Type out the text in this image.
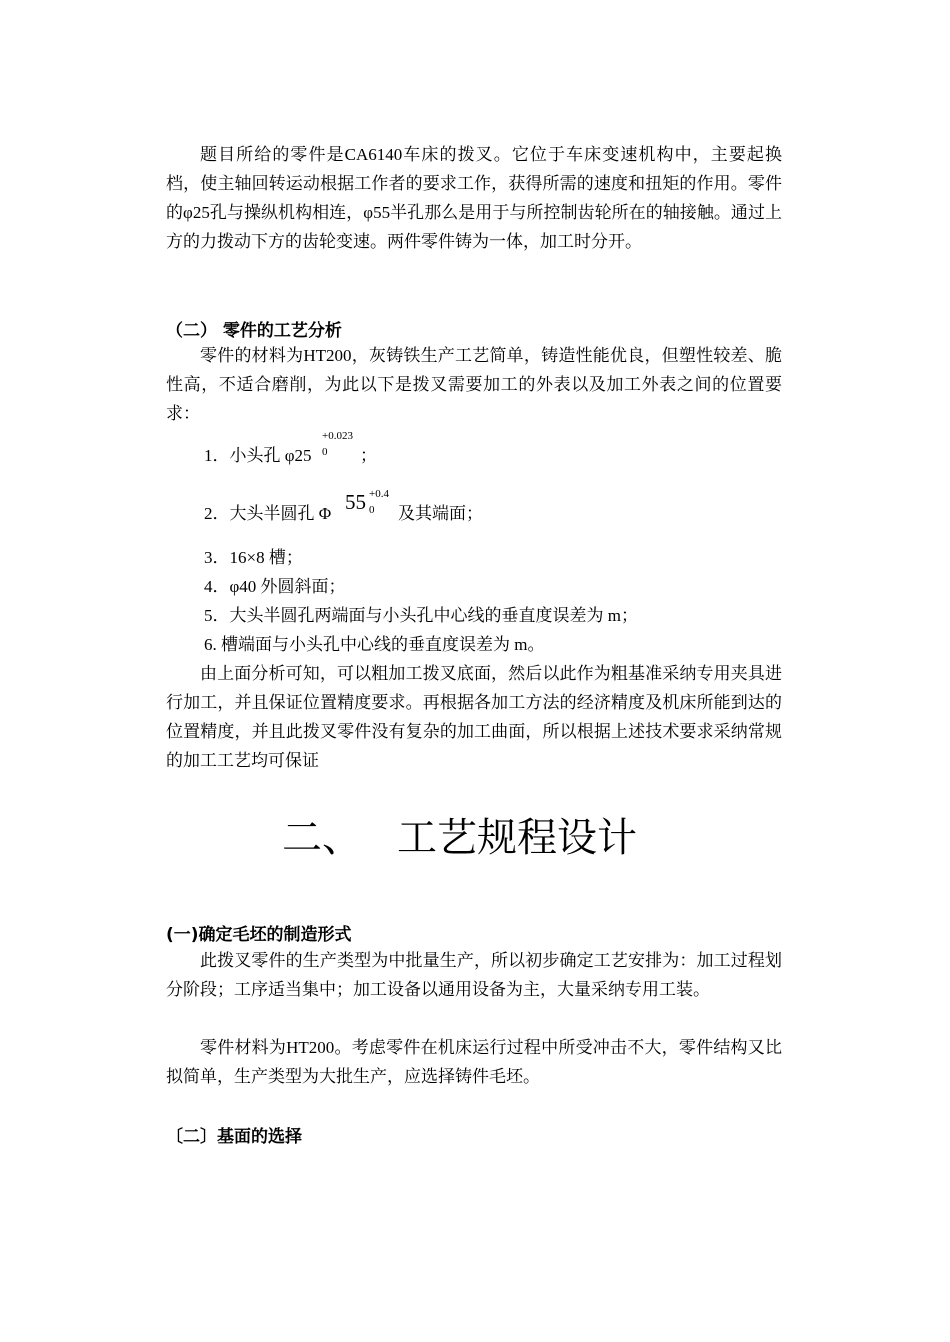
题目所给的零件是CA6140车床的拨叉。它位于车床变速机构中，主要起换档，使主轴回转运动根据工作者的要求工作，获得所需的速度和扭矩的作用。零件的φ25孔与操纵机构相连，φ55半孔那么是用于与所控制齿轮所在的轴接触。通过上方的力拨动下方的齿轮变速。两件零件铸为一体，加工时分开。

（二） 零件的工艺分析

零件的材料为HT200，灰铸铁生产工艺简单，铸造性能优良，但塑性较差、脆性高，不适合磨削，为此以下是拨叉需要加工的外表以及加工外表之间的位置要求：

1．小头孔 φ25
+0.023
0 ；
2．大头半圆孔 Φ 55 +0.4
0 及其端面；
3．16×8 槽；
4．φ40 外圆斜面；
5．大头半圆孔两端面与小头孔中心线的垂直度误差为 m；
6. 槽端面与小头孔中心线的垂直度误差为 m。

由上面分析可知，可以粗加工拨叉底面，然后以此作为粗基准采纳专用夹具进行加工，并且保证位置精度要求。再根据各加工方法的经济精度及机床所能到达的位置精度，并且此拨叉零件没有复杂的加工曲面，所以根据上述技术要求采纳常规的加工工艺均可保证

二、 工艺规程设计
(一)确定毛坯的制造形式

此拨叉零件的生产类型为中批量生产，所以初步确定工艺安排为：加工过程划分阶段；工序适当集中；加工设备以通用设备为主，大量采纳专用工装。

零件材料为HT200。考虑零件在机床运行过程中所受冲击不大，零件结构又比拟简单，生产类型为大批生产，应选择铸件毛坯。

〔二〕基面的选择
